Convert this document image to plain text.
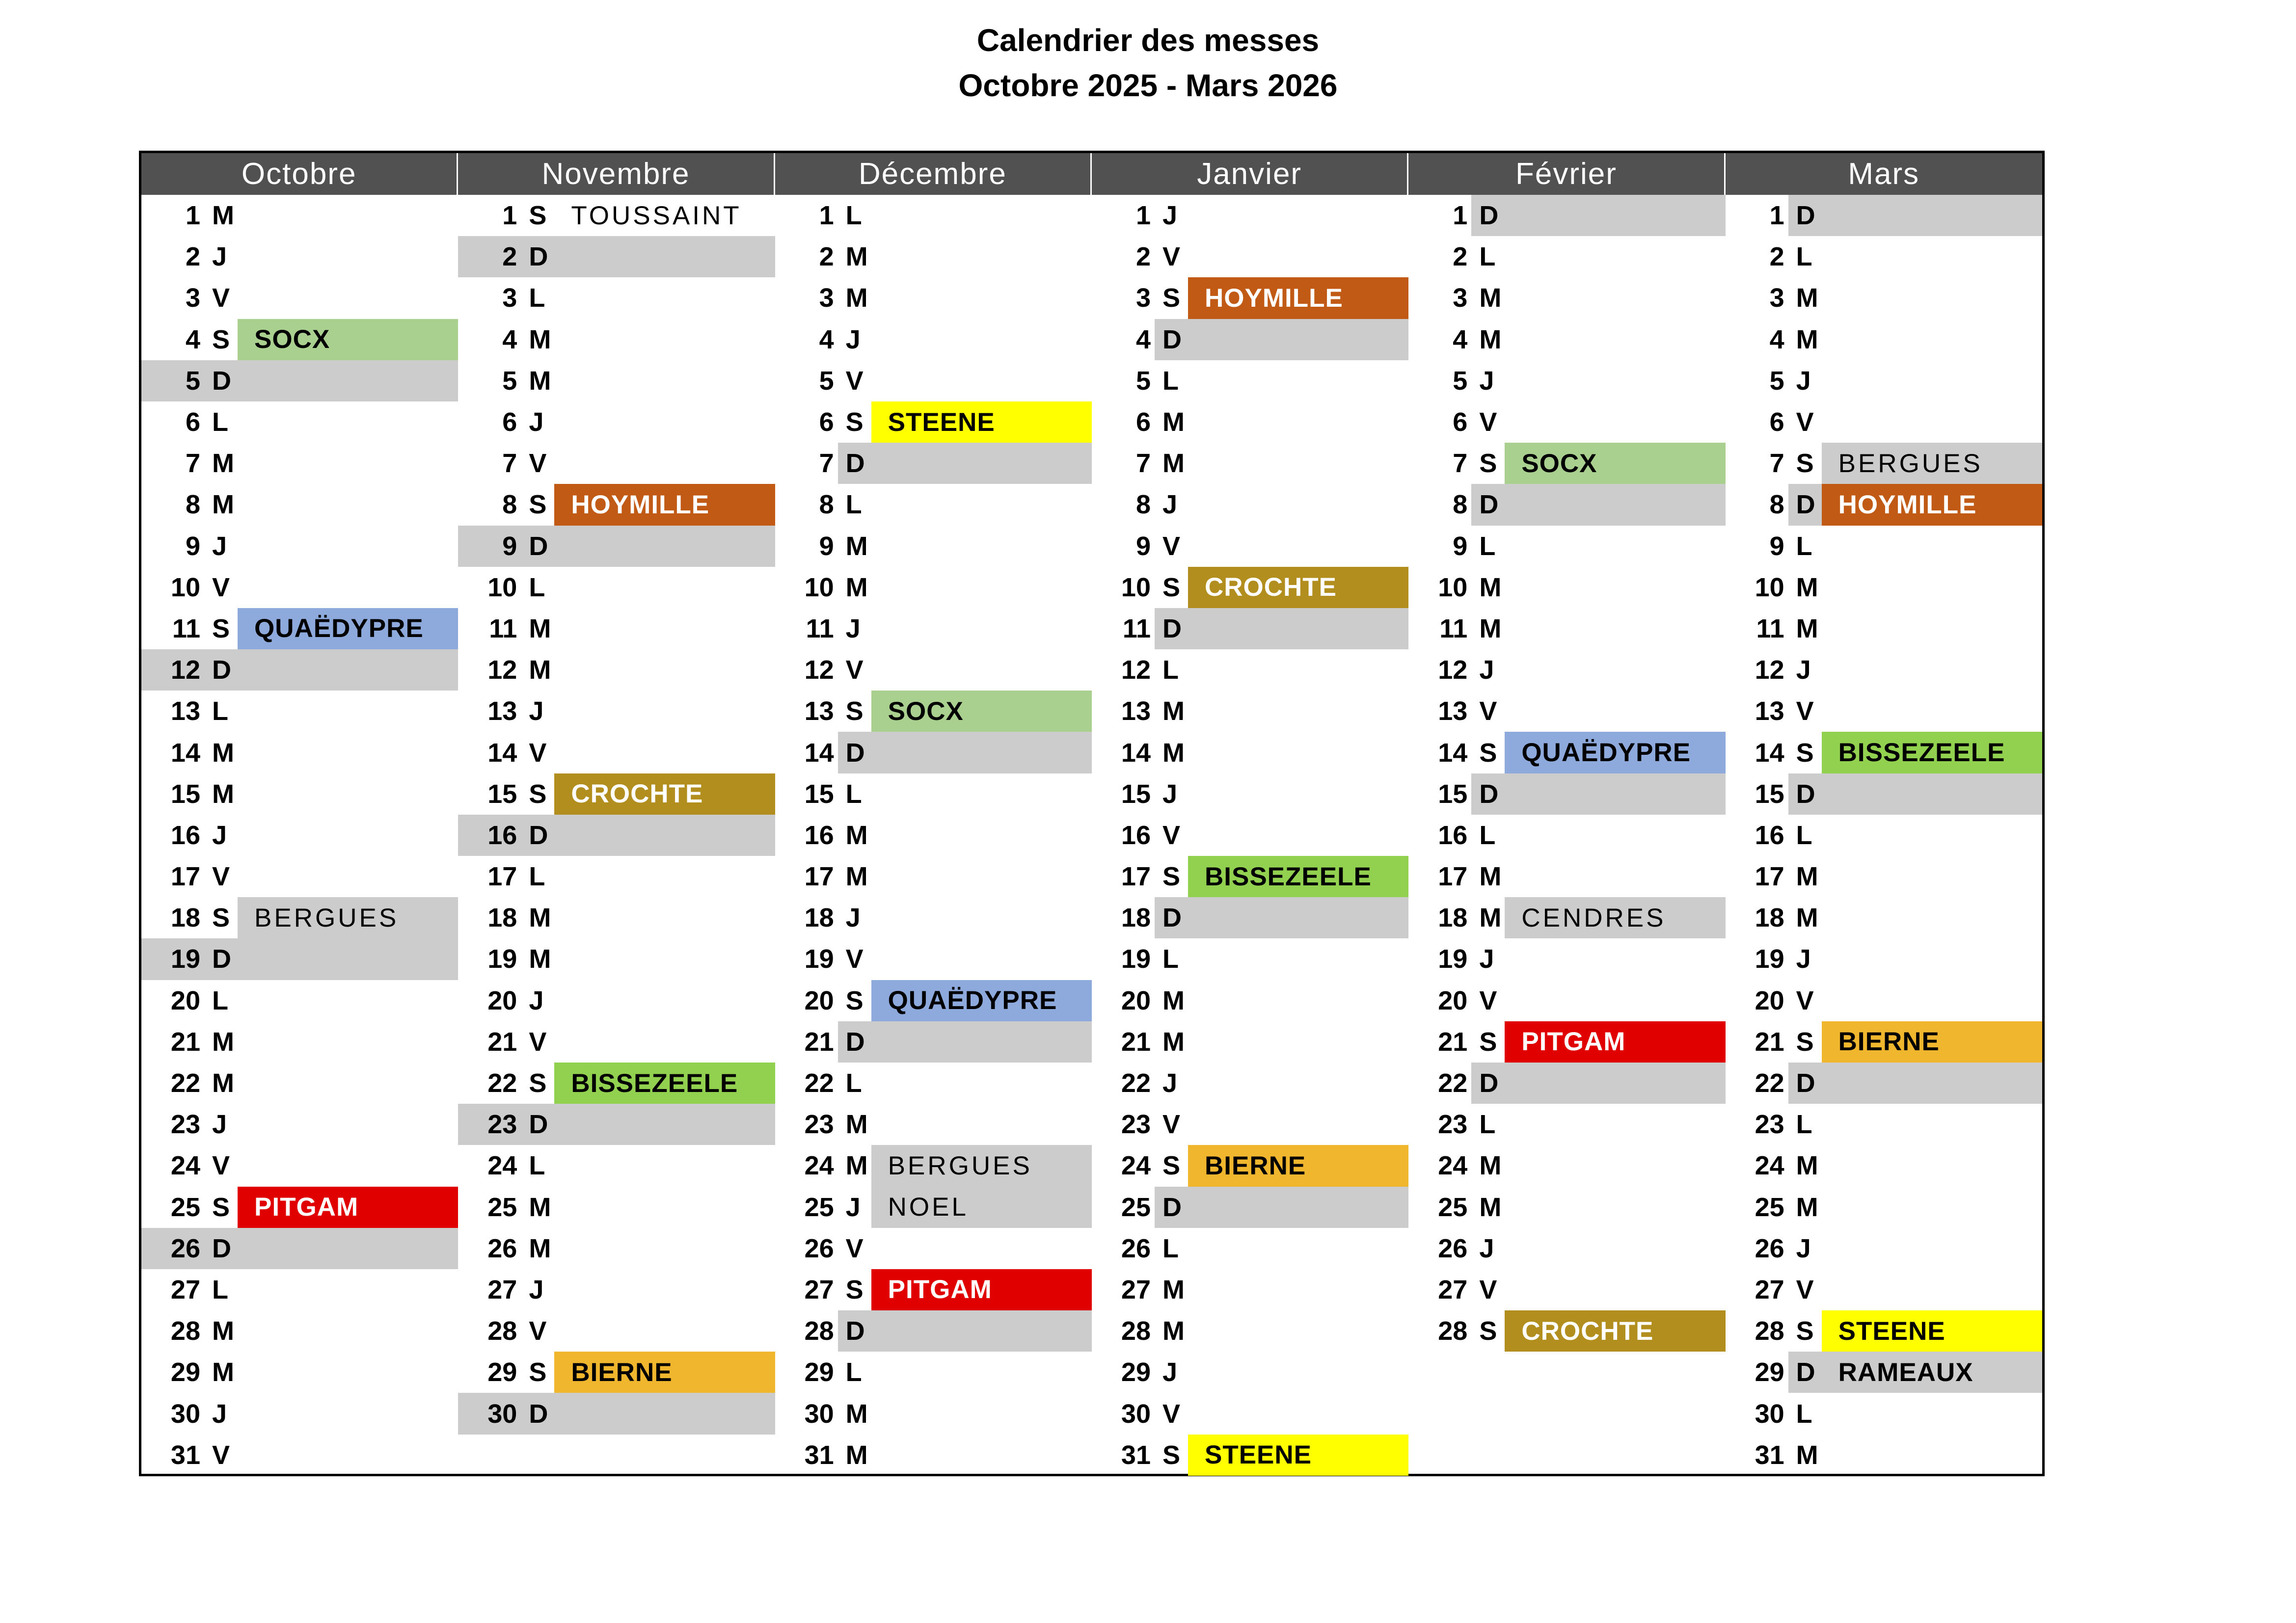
Calendrier des messes
Octobre 2025 - Mars 2026
Octobre
1 M
2 J
3 V
4 S SOCX
5 D
6 L
7 M
8 M
9 J
10 V
11 S QUAËDYPRE
12 D
13 L
14 M
15 M
16 J
17 V
18 S BERGUES
19 D
20 L
21 M
22 M
23 J
24 V
25 S PITGAM
26 D
27 L
28 M
29 M
30 J
31 V
Novembre
1 S TOUSSAINT
2 D
3 L
4 M
5 M
6 J
7 V
8 S HOYMILLE
9 D
10 L
11 M
12 M
13 J
14 V
15 S CROCHTE
16 D
17 L
18 M
19 M
20 J
21 V
22 S BISSEZEELE
23 D
24 L
25 M
26 M
27 J
28 V
29 S BIERNE
30 D
Décembre
1 L
2 M
3 M
4 J
5 V
6 S STEENE
7 D
8 L
9 M
10 M
11 J
12 V
13 S SOCX
14 D
15 L
16 M
17 M
18 J
19 V
20 S QUAËDYPRE
21 D
22 L
23 M
24 M BERGUES
25 J	NOEL
26 V
27 S PITGAM
28 D
29 L
30 M
31 M
Janvier
1 J
2 V
3 S HOYMILLE
4 D
5 L
6 M
7 M
8 J
9 V
10 S CROCHTE
11 D
12 L
13 M
14 M
15 J
16 V
17 S BISSEZEELE
18 D
19 L
20 M
21 M
22 J
23 V
24 S BIERNE
25 D
26 L
27 M
28 M
29 J
30 V
31 S STEENE
Février
1 D
2 L
3 M
4 M
5 J
6 V
7 S SOCX
8 D
9 L
10 M
11 M
12 J
13 V
14 S QUAËDYPRE
15 D
16 L
17 M
18 M CENDRES
19 J
20 V
21 S PITGAM
22 D
23 L
24 M
25 M
26 J
27 V
28 S CROCHTE
Mars
1 D
2 L
3 M
4 M
5 J
6 V
7 S BERGUES
8 D HOYMILLE
9 L
10 M
11 M
12 J
13 V
14 S BISSEZEELE
15 D
16 L
17 M
18 M
19 J
20 V
21 S BIERNE
22 D
23 L
24 M
25 M
26 J
27 V
28 S STEENE
29 D RAMEAUX
30 L
31 M
